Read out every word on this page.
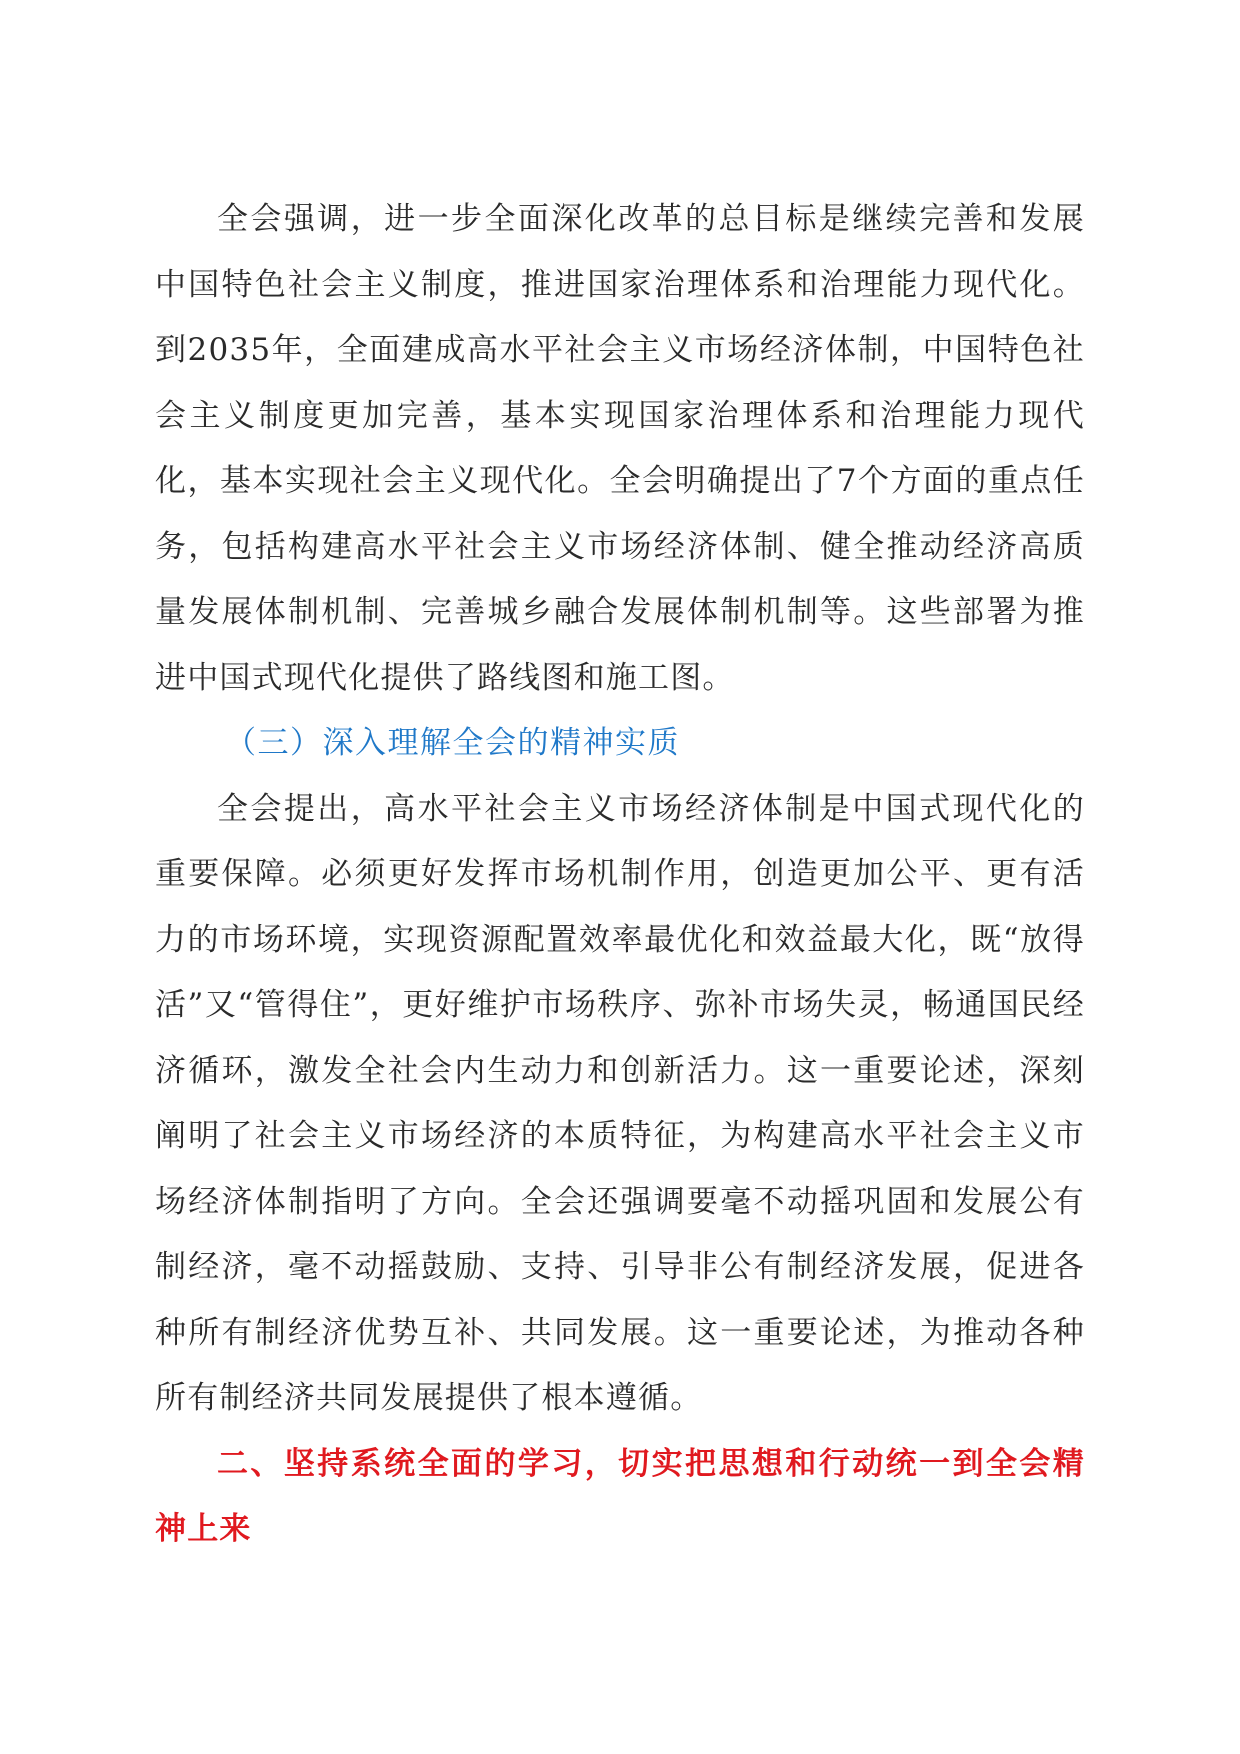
全会强调，进一步全面深化改革的总目标是继续完善和发展中国特色社会主义制度，推进国家治理体系和治理能力现代化。到2035年，全面建成高水平社会主义市场经济体制，中国特色社会主义制度更加完善，基本实现国家治理体系和治理能力现代化，基本实现社会主义现代化。全会明确提出了7个方面的重点任务，包括构建高水平社会主义市场经济体制、健全推动经济高质量发展体制机制、完善城乡融合发展体制机制等。这些部署为推进中国式现代化提供了路线图和施工图。

（三）深入理解全会的精神实质

全会提出，高水平社会主义市场经济体制是中国式现代化的重要保障。必须更好发挥市场机制作用，创造更加公平、更有活力的市场环境，实现资源配置效率最优化和效益最大化，既“放得活”又“管得住”，更好维护市场秩序、弥补市场失灵，畅通国民经济循环，激发全社会内生动力和创新活力。这一重要论述，深刻阐明了社会主义市场经济的本质特征，为构建高水平社会主义市场经济体制指明了方向。全会还强调要毫不动摇巩固和发展公有制经济，毫不动摇鼓励、支持、引导非公有制经济发展，促进各种所有制经济优势互补、共同发展。这一重要论述，为推动各种所有制经济共同发展提供了根本遵循。

二、坚持系统全面的学习，切实把思想和行动统一到全会精神上来
